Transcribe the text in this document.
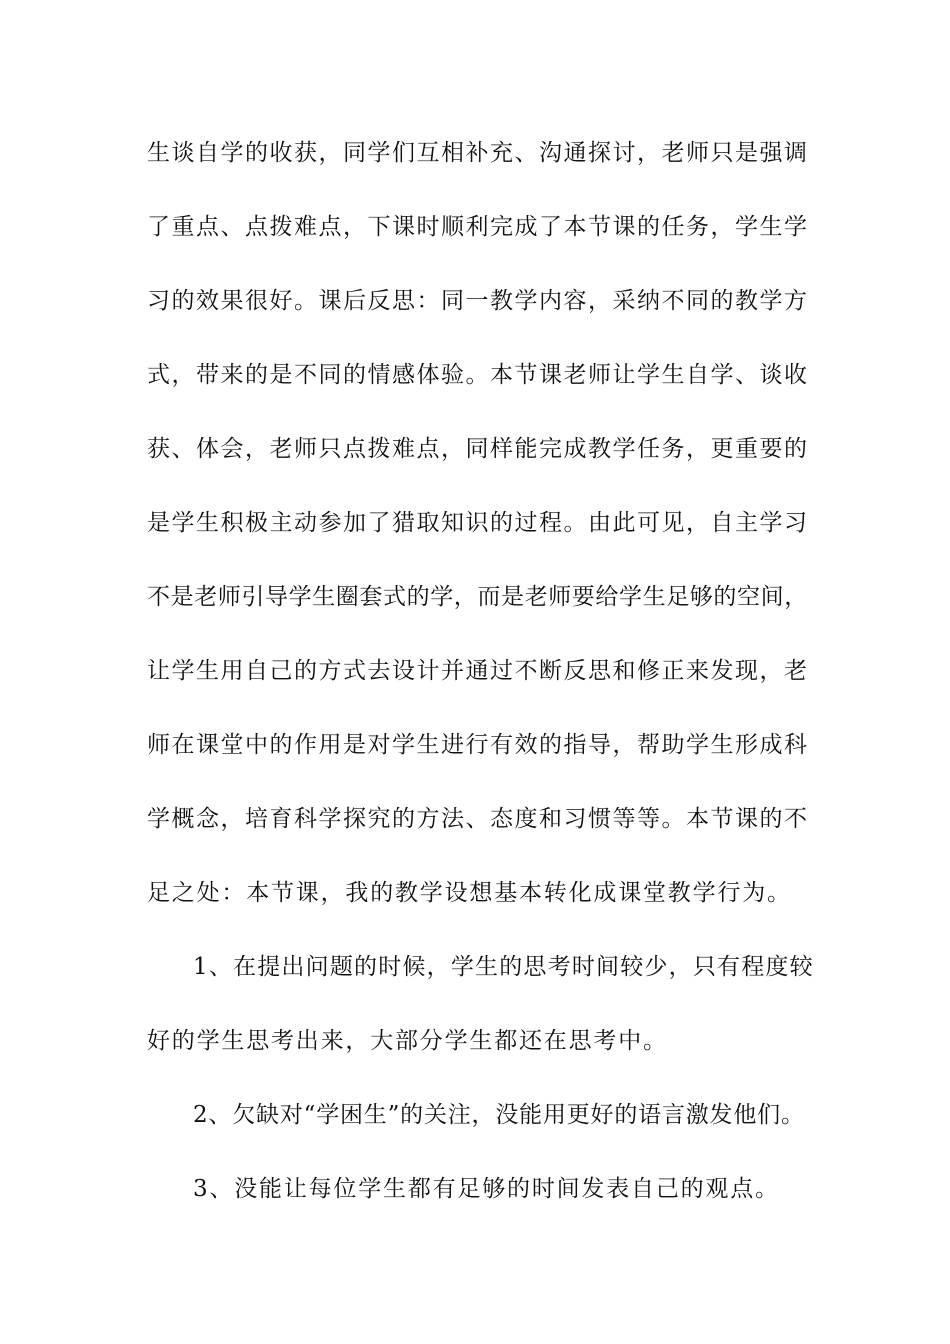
生谈自学的收获，同学们互相补充、沟通探讨，老师只是强调
了重点、点拨难点，下课时顺利完成了本节课的任务，学生学
习的效果很好。课后反思：同一教学内容，采纳不同的教学方
式，带来的是不同的情感体验。本节课老师让学生自学、谈收
获、体会，老师只点拨难点，同样能完成教学任务，更重要的
是学生积极主动参加了猎取知识的过程。由此可见，自主学习
不是老师引导学生圈套式的学，而是老师要给学生足够的空间，
让学生用自己的方式去设计并通过不断反思和修正来发现，老
师在课堂中的作用是对学生进行有效的指导，帮助学生形成科
学概念，培育科学探究的方法、态度和习惯等等。本节课的不
足之处：本节课，我的教学设想基本转化成课堂教学行为。
1、在提出问题的时候，学生的思考时间较少，只有程度较
好的学生思考出来，大部分学生都还在思考中。
2、欠缺对“学困生”的关注，没能用更好的语言激发他们。
3、没能让每位学生都有足够的时间发表自己的观点。
